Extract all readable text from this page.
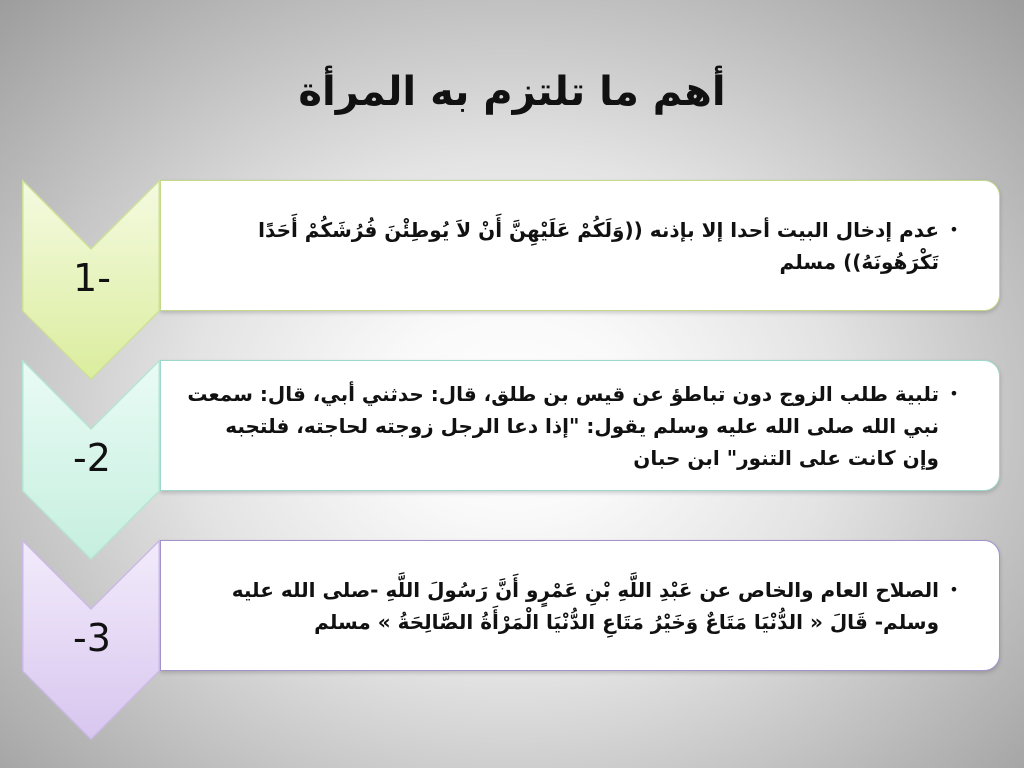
أهم ما تلتزم به المرأة
1-
•

عدم إدخال البيت أحدا إلا بإذنه ((وَلَكُمْ عَلَيْهِنَّ أَنْ لاَ يُوطِئْنَ فُرُشَكُمْ أَحَدًا تَكْرَهُونَهُ)) مسلم

-2
•

تلبية طلب الزوج دون تباطؤ عن قيس بن طلق، قال: حدثني أبي، قال: سمعت نبي الله صلى الله عليه وسلم يقول: "إذا دعا الرجل زوجته لحاجته، فلتجبه وإن كانت على التنور" ابن حبان

-3
•

الصلاح العام والخاص عن عَبْدِ اللَّهِ بْنِ عَمْرٍو أَنَّ رَسُولَ اللَّهِ -صلى الله عليه وسلم- قَالَ « الدُّنْيَا مَتَاعٌ وَخَيْرُ مَتَاعِ الدُّنْيَا الْمَرْأَةُ الصَّالِحَةُ » مسلم
